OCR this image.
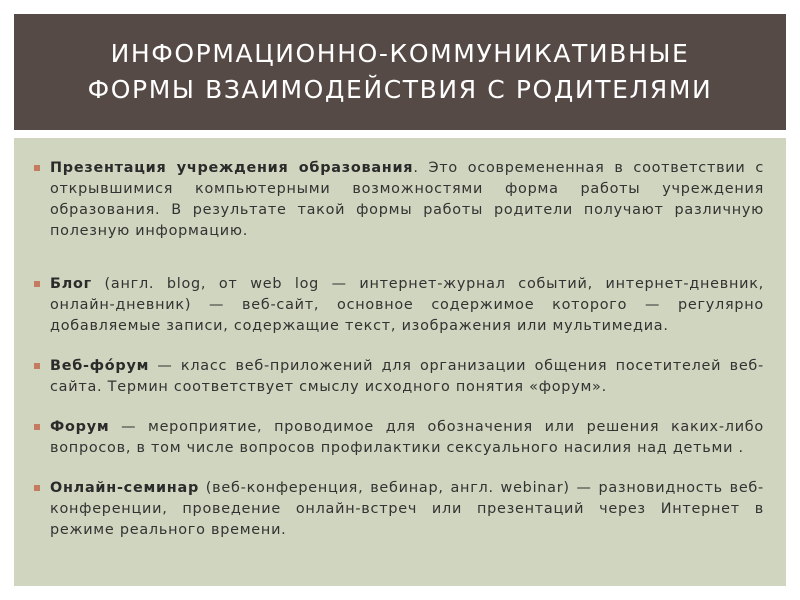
ИНФОРМАЦИОННО-КОММУНИКАТИВНЫЕ
ФОРМЫ ВЗАИМОДЕЙСТВИЯ С РОДИТЕЛЯМИ

Презентация учреждения образования. Это осовремененная в соответствии с открывшимися компьютерными возможностями форма работы учреждения образования. В результате такой формы работы родители получают различную полезную информацию.

Блог (англ. blog, от web log — интернет-журнал событий, интернет-дневник, онлайн-дневник) — веб-сайт, основное содержимое которого — регулярно добавляемые записи, содержащие текст, изображения или мультимедиа.

Веб-фо́рум — класс веб-приложений для организации общения посетителей веб-сайта. Термин соответствует смыслу исходного понятия «форум».

Форум — мероприятие, проводимое для обозначения или решения каких-либо вопросов, в том числе вопросов профилактики сексуального насилия над детьми .

Онлайн-семинар (веб-конференция, вебинар, англ. webinar) — разновидность веб-конференции, проведение онлайн-встреч или презентаций через Интернет в режиме реального времени.
